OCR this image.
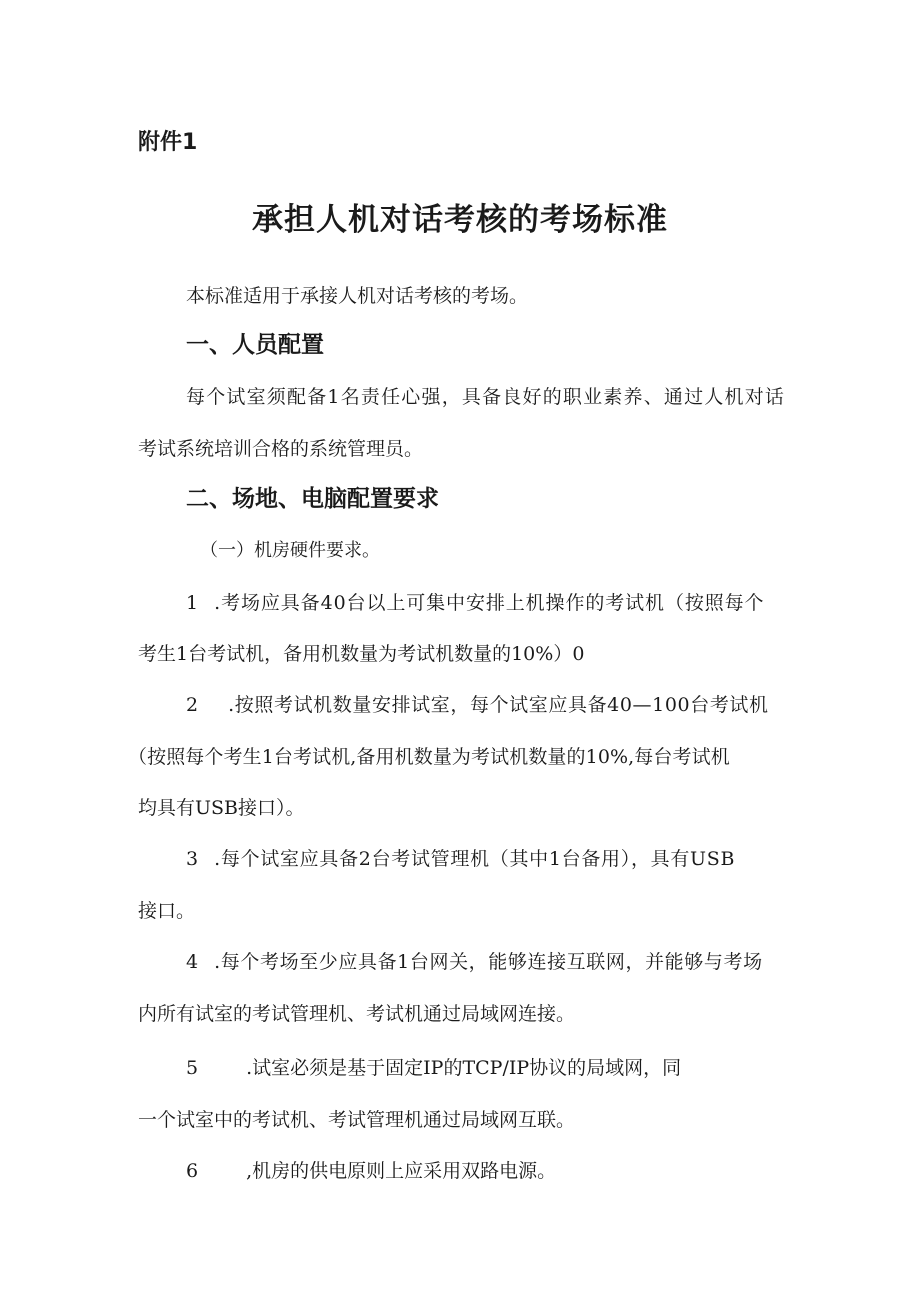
附件1
承担人机对话考核的考场标准
本标准适用于承接人机对话考核的考场。
一、人员配置
每个试室须配备1名责任心强，具备良好的职业素养、通过人机对话
考试系统培训合格的系统管理员。
二、场地、电脑配置要求
（一）机房硬件要求。
1 .考场应具备40台以上可集中安排上机操作的考试机（按照每个
考生1台考试机，备用机数量为考试机数量的10%）0
2 .按照考试机数量安排试室，每个试室应具备40—100台考试机
（按照每个考生1台考试机,备用机数量为考试机数量的10%,每台考试机
均具有USB接口）。
3 .每个试室应具备2台考试管理机（其中1台备用），具有USB
接口。
4 .每个考场至少应具备1台网关，能够连接互联网，并能够与考场
内所有试室的考试管理机、考试机通过局域网连接。
5	.试室必须是基于固定IP的TCP/IP协议的局域网，同
一个试室中的考试机、考试管理机通过局域网互联。
6	,机房的供电原则上应采用双路电源。
